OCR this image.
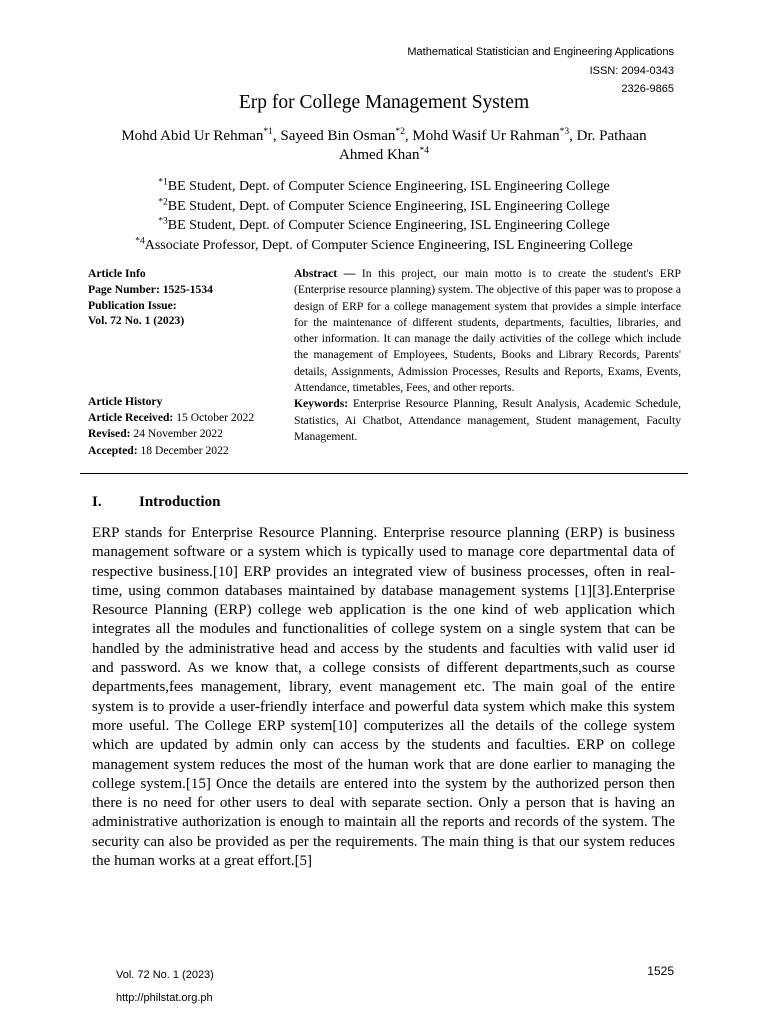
Mathematical Statistician and Engineering Applications
ISSN: 2094-0343
2326-9865
Erp for College Management System
Mohd Abid Ur Rehman$^{*1}$, Sayeed Bin Osman$^{*2}$, Mohd Wasif Ur Rahman$^{*3}$, Dr. Pathaan Ahmed Khan$^{*4}$
$^{*1}$BE Student, Dept. of Computer Science Engineering, ISL Engineering College
$^{*2}$BE Student, Dept. of Computer Science Engineering, ISL Engineering College
$^{*3}$BE Student, Dept. of Computer Science Engineering, ISL Engineering College
$^{*4}$Associate Professor, Dept. of Computer Science Engineering, ISL Engineering College
Article Info
Page Number: 1525-1534
Publication Issue:
Vol. 72 No. 1 (2023)
Article History
Article Received: 15 October 2022
Revised: 24 November 2022
Accepted: 18 December 2022
Abstract — In this project, our main motto is to create the student's ERP (Enterprise resource planning) system. The objective of this paper was to propose a design of ERP for a college management system that provides a simple interface for the maintenance of different students, departments, faculties, libraries, and other information. It can manage the daily activities of the college which include the management of Employees, Students, Books and Library Records, Parents' details, Assignments, Admission Processes, Results and Reports, Exams, Events, Attendance, timetables, Fees, and other reports.
Keywords: Enterprise Resource Planning, Result Analysis, Academic Schedule, Statistics, Ai Chatbot, Attendance management, Student management, Faculty Management.
I. Introduction
ERP stands for Enterprise Resource Planning. Enterprise resource planning (ERP) is business management software or a system which is typically used to manage core departmental data of respective business.[10] ERP provides an integrated view of business processes, often in real-time, using common databases maintained by database management systems [1][3].Enterprise Resource Planning (ERP) college web application is the one kind of web application which integrates all the modules and functionalities of college system on a single system that can be handled by the administrative head and access by the students and faculties with valid user id and password. As we know that, a college consists of different departments,such as course departments,fees management, library, event management etc. The main goal of the entire system is to provide a user-friendly interface and powerful data system which make this system more useful. The College ERP system[10] computerizes all the details of the college system which are updated by admin only can access by the students and faculties. ERP on college management system reduces the most of the human work that are done earlier to managing the college system.[15] Once the details are entered into the system by the authorized person then there is no need for other users to deal with separate section. Only a person that is having an administrative authorization is enough to maintain all the reports and records of the system. The security can also be provided as per the requirements. The main thing is that our system reduces the human works at a great effort.[5]
Vol. 72 No. 1 (2023)
http://philstat.org.ph
1525
